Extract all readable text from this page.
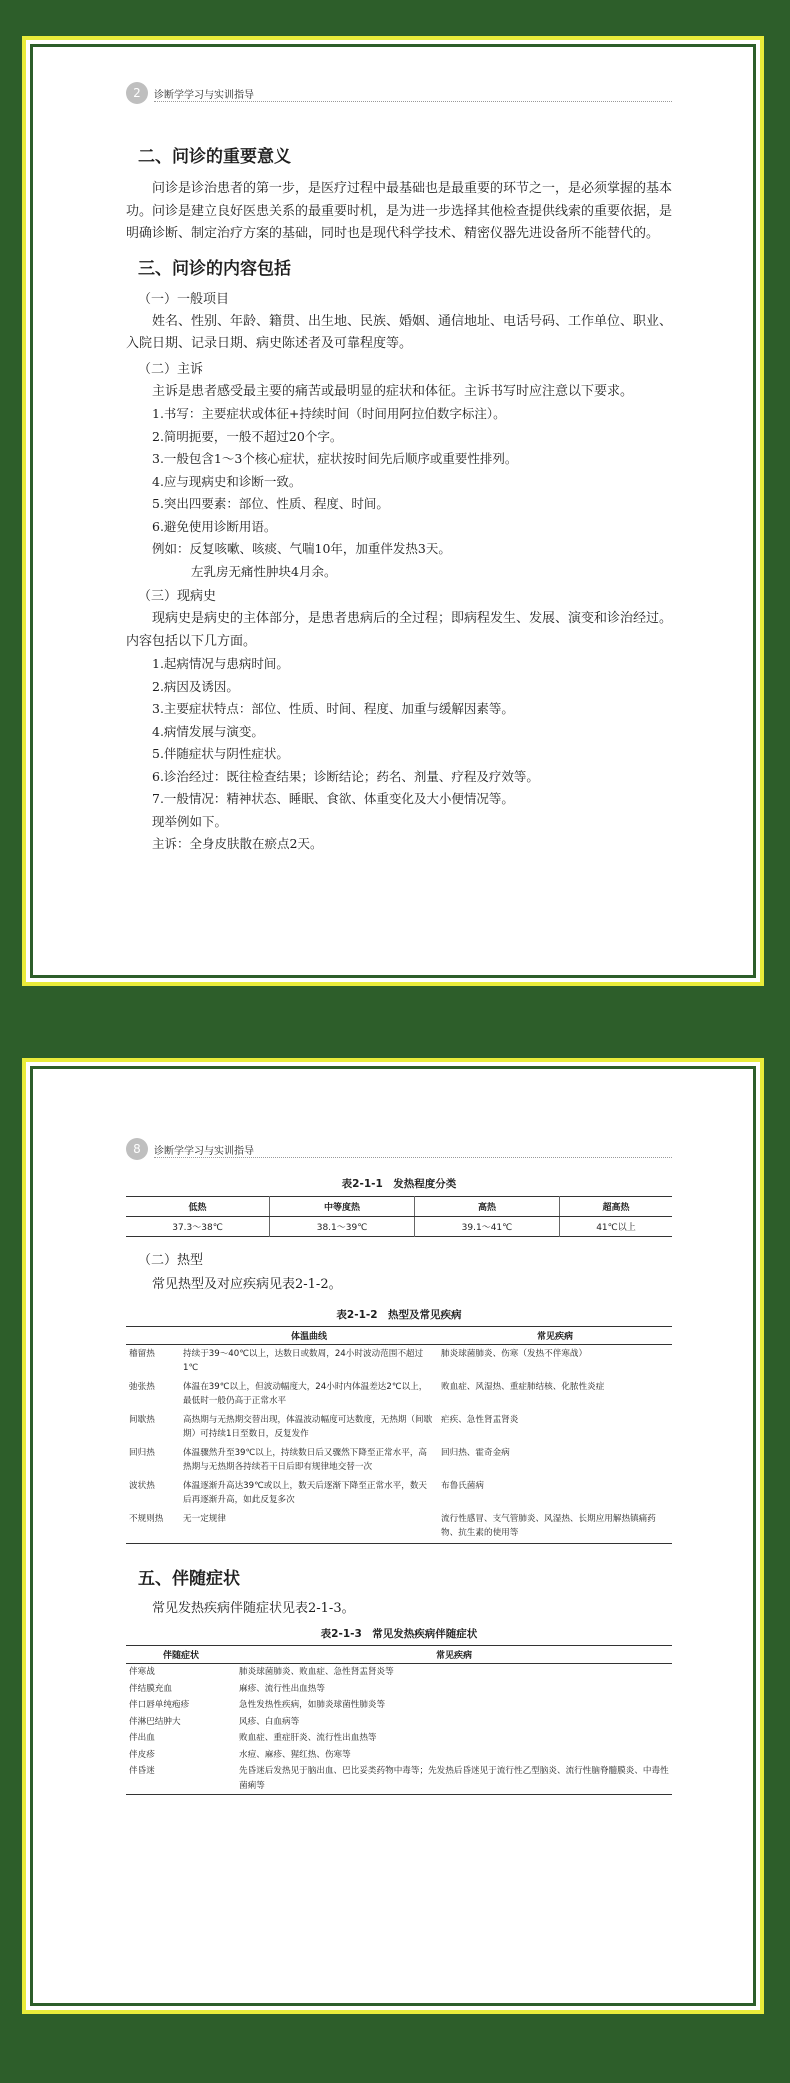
2	诊断学学习与实训指导
二、问诊的重要意义

问诊是诊治患者的第一步，是医疗过程中最基础也是最重要的环节之一，是必须掌握的基本功。问诊是建立良好医患关系的最重要时机，是为进一步选择其他检查提供线索的重要依据，是明确诊断、制定治疗方案的基础，同时也是现代科学技术、精密仪器先进设备所不能替代的。

三、问诊的内容包括

（一）一般项目

姓名、性别、年龄、籍贯、出生地、民族、婚姻、通信地址、电话号码、工作单位、职业、入院日期、记录日期、病史陈述者及可靠程度等。

（二）主诉

主诉是患者感受最主要的痛苦或最明显的症状和体征。主诉书写时应注意以下要求。

1.书写：主要症状或体征+持续时间（时间用阿拉伯数字标注）。

2.简明扼要，一般不超过20个字。

3.一般包含1～3个核心症状，症状按时间先后顺序或重要性排列。

4.应与现病史和诊断一致。

5.突出四要素：部位、性质、程度、时间。

6.避免使用诊断用语。

例如：反复咳嗽、咳痰、气喘10年，加重伴发热3天。

左乳房无痛性肿块4月余。

（三）现病史

现病史是病史的主体部分，是患者患病后的全过程；即病程发生、发展、演变和诊治经过。内容包括以下几方面。

1.起病情况与患病时间。

2.病因及诱因。

3.主要症状特点：部位、性质、时间、程度、加重与缓解因素等。

4.病情发展与演变。

5.伴随症状与阴性症状。

6.诊治经过：既往检查结果；诊断结论；药名、剂量、疗程及疗效等。

7.一般情况：精神状态、睡眠、食欲、体重变化及大小便情况等。

现举例如下。

主诉：全身皮肤散在瘀点2天。

8	诊断学学习与实训指导

表2-1-1　发热程度分类

低热	中等度热	高热	超高热
37.3～38℃	38.1～39℃	39.1～41℃	41℃以上

（二）热型

常见热型及对应疾病见表2-1-2。

表2-1-2　热型及常见疾病

	体温曲线	常见疾病
稽留热	持续于39～40℃以上，达数日或数周，24小时波动范围不超过1℃	肺炎球菌肺炎、伤寒（发热不伴寒战）
弛张热	体温在39℃以上，但波动幅度大，24小时内体温差达2℃以上，最低时一般仍高于正常水平	败血症、风湿热、重症肺结核、化脓性炎症
间歇热	高热期与无热期交替出现，体温波动幅度可达数度，无热期（间歇期）可持续1日至数日，反复发作	疟疾、急性肾盂肾炎
回归热	体温骤然升至39℃以上，持续数日后又骤然下降至正常水平，高热期与无热期各持续若干日后即有规律地交替一次	回归热、霍奇金病
波状热	体温逐渐升高达39℃或以上，数天后逐渐下降至正常水平，数天后再逐渐升高，如此反复多次	布鲁氏菌病
不规则热	无一定规律	流行性感冒、支气管肺炎、风湿热、长期应用解热镇痛药物、抗生素的使用等
五、伴随症状

常见发热疾病伴随症状见表2-1-3。

表2-1-3　常见发热疾病伴随症状

伴随症状	常见疾病
伴寒战	肺炎球菌肺炎、败血症、急性肾盂肾炎等
伴结膜充血	麻疹、流行性出血热等
伴口唇单纯疱疹	急性发热性疾病，如肺炎球菌性肺炎等
伴淋巴结肿大	风疹、白血病等
伴出血	败血症、重症肝炎、流行性出血热等
伴皮疹	水痘、麻疹、猩红热、伤寒等
伴昏迷	先昏迷后发热见于脑出血、巴比妥类药物中毒等；先发热后昏迷见于流行性乙型脑炎、流行性脑脊髓膜炎、中毒性菌痢等
